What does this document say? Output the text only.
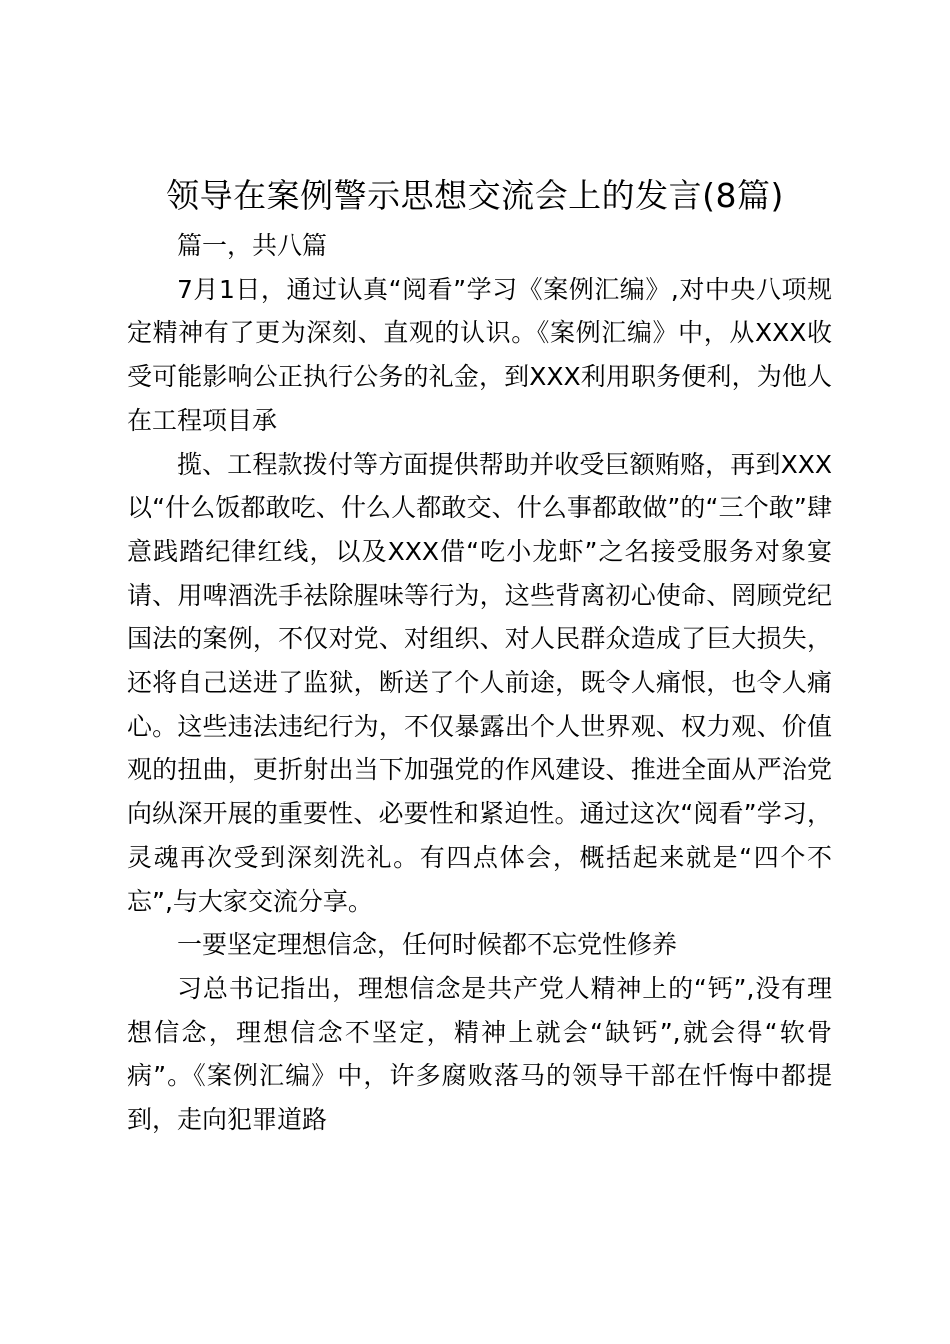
领导在案例警示思想交流会上的发言(8篇)

篇一，共八篇

7月1日，通过认真“阅看”学习《案例汇编》,对中央八项规定精神有了更为深刻、直观的认识。《案例汇编》中，从XXX收受可能影响公正执行公务的礼金，到XXX利用职务便利，为他人在工程项目承

揽、工程款拨付等方面提供帮助并收受巨额贿赂，再到XXX以“什么饭都敢吃、什么人都敢交、什么事都敢做”的“三个敢”肆意践踏纪律红线，以及XXX借“吃小龙虾”之名接受服务对象宴请、用啤酒洗手祛除腥味等行为，这些背离初心使命、罔顾党纪国法的案例，不仅对党、对组织、对人民群众造成了巨大损失，还将自己送进了监狱，断送了个人前途，既令人痛恨，也令人痛心。这些违法违纪行为，不仅暴露出个人世界观、权力观、价值观的扭曲，更折射出当下加强党的作风建设、推进全面从严治党向纵深开展的重要性、必要性和紧迫性。通过这次“阅看”学习，灵魂再次受到深刻洗礼。有四点体会，概括起来就是“四个不忘”,与大家交流分享。

一要坚定理想信念，任何时候都不忘党性修养

习总书记指出，理想信念是共产党人精神上的“钙”,没有理想信念，理想信念不坚定，精神上就会“缺钙”,就会得“软骨病”。《案例汇编》中，许多腐败落马的领导干部在忏悔中都提到，走向犯罪道路
